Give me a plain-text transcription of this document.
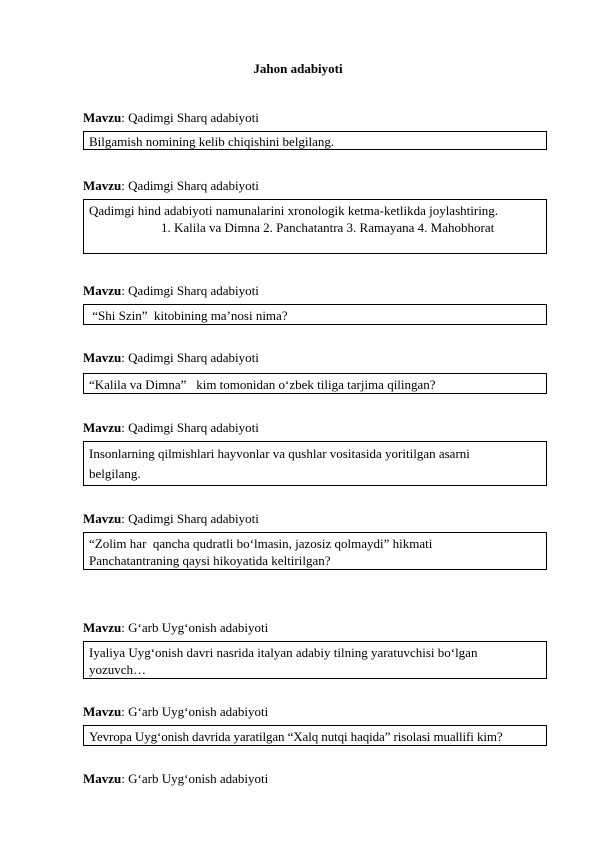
Jahon adabiyoti
Mavzu: Qadimgi Sharq adabiyoti
Bilgamish nomining kelib chiqishini belgilang.
Mavzu: Qadimgi Sharq adabiyoti
Qadimgi hind adabiyoti namunalarini xronologik ketma-ketlikda joylashtiring.
1. Kalila va Dimna 2. Panchatantra 3. Ramayana 4. Mahobhorat
Mavzu: Qadimgi Sharq adabiyoti
“Shi Szin”  kitobining ma’nosi nima?
Mavzu: Qadimgi Sharq adabiyoti
“Kalila va Dimna”   kim tomonidan o‘zbek tiliga tarjima qilingan?
Mavzu: Qadimgi Sharq adabiyoti
Insonlarning qilmishlari hayvonlar va qushlar vositasida yoritilgan asarni belgilang.
Mavzu: Qadimgi Sharq adabiyoti
“Zolim har  qancha qudratli bo‘lmasin, jazosiz qolmaydi” hikmati Panchatantraning qaysi hikoyatida keltirilgan?
Mavzu: G‘arb Uyg‘onish adabiyoti
Iyaliya Uyg‘onish davri nasrida italyan adabiy tilning yaratuvchisi bo‘lgan yozuvch…
Mavzu: G‘arb Uyg‘onish adabiyoti
Yevropa Uyg‘onish davrida yaratilgan “Xalq nutqi haqida” risolasi muallifi kim?
Mavzu: G‘arb Uyg‘onish adabiyoti
